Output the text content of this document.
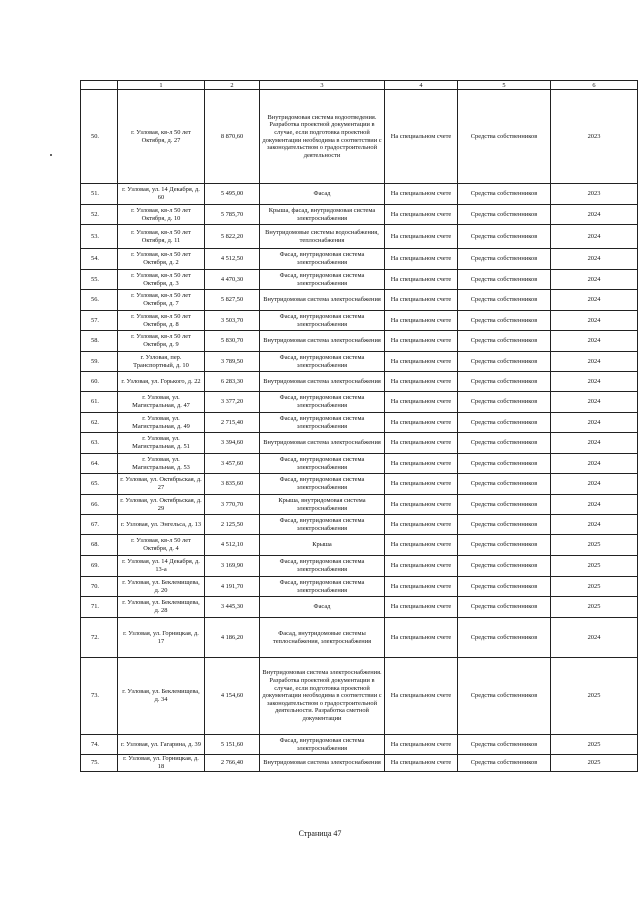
	1	2	3	4	5	6
50.	г. Узловая, кв-л 50 лет Октября, д. 27	8 870,60	Внутридомовая система водоотведения. Разработка проектной документации в случае, если подготовка проектной документации необходима в соответствии с законодательством о градостроительной деятельности	На специальном счете	Средства собственников	2023
51.	г. Узловая, ул. 14 Декабря, д. 60	5 495,00	Фасад	На специальном счете	Средства собственников	2023
52.	г. Узловая, кв-л 50 лет Октября, д. 10	5 785,70	Крыша, фасад, внутридомовая система электроснабжения	На специальном счете	Средства собственников	2024
53.	г. Узловая, кв-л 50 лет Октября, д. 11	5 822,20	Внутридомовые системы водоснабжения, теплоснабжения	На специальном счете	Средства собственников	2024
54.	г. Узловая, кв-л 50 лет Октября, д. 2	4 512,50	Фасад, внутридомовая система электроснабжения	На специальном счете	Средства собственников	2024
55.	г. Узловая, кв-л 50 лет Октября, д. 3	4 470,30	Фасад, внутридомовая система электроснабжения	На специальном счете	Средства собственников	2024
56.	г. Узловая, кв-л 50 лет Октября, д. 7	5 827,50	Внутридомовая система электроснабжения	На специальном счете	Средства собственников	2024
57.	г. Узловая, кв-л 50 лет Октября, д. 8	3 503,70	Фасад, внутридомовая система электроснабжения	На специальном счете	Средства собственников	2024
58.	г. Узловая, кв-л 50 лет Октября, д. 9	5 830,70	Внутридомовая система электроснабжения	На специальном счете	Средства собственников	2024
59.	г. Узловая, пер. Транспортный, д. 10	3 789,50	Фасад, внутридомовая система электроснабжения	На специальном счете	Средства собственников	2024
60.	г. Узловая, ул. Горького, д. 22	6 283,30	Внутридомовая система электроснабжения	На специальном счете	Средства собственников	2024
61.	г. Узловая, ул. Магистральная, д. 47	3 377,20	Фасад, внутридомовая система электроснабжения	На специальном счете	Средства собственников	2024
62.	г. Узловая, ул. Магистральная, д. 49	2 715,40	Фасад, внутридомовая система электроснабжения	На специальном счете	Средства собственников	2024
63.	г. Узловая, ул. Магистральная, д. 51	3 394,60	Внутридомовая система электроснабжения	На специальном счете	Средства собственников	2024
64.	г. Узловая, ул. Магистральная, д. 53	3 457,60	Фасад, внутридомовая система электроснабжения	На специальном счете	Средства собственников	2024
65.	г. Узловая, ул. Октябрьская, д. 27	3 835,60	Фасад, внутридомовая система электроснабжения	На специальном счете	Средства собственников	2024
66.	г. Узловая, ул. Октябрьская, д. 29	3 770,70	Крыша, внутридомовая система электроснабжения	На специальном счете	Средства собственников	2024
67.	г. Узловая, ул. Энгельса, д. 13	2 125,50	Фасад, внутридомовая система электроснабжения	На специальном счете	Средства собственников	2024
68.	г. Узловая, кв-л 50 лет Октября, д. 4	4 512,10	Крыша	На специальном счете	Средства собственников	2025
69.	г. Узловая, ул. 14 Декабря, д. 13-а	3 169,90	Фасад, внутридомовая система электроснабжения	На специальном счете	Средства собственников	2025
70.	г. Узловая, ул. Беклемищева, д. 20	4 191,70	Фасад, внутридомовая система электроснабжения	На специальном счете	Средства собственников	2025
71.	г. Узловая, ул. Беклемищева, д. 28	3 445,30	Фасад	На специальном счете	Средства собственников	2025
72.	г. Узловая, ул. Горницкая, д. 17	4 186,20	Фасад, внутридомовые системы теплоснабжения, электроснабжения	На специальном счете	Средства собственников	2024
73.	г. Узловая, ул. Беклемищева, д. 34	4 154,60	Внутридомовая система электроснабжения. Разработка проектной документации в случае, если подготовка проектной документации необходима в соответствии с законодательством о градостроительной деятельности. Разработка сметной документации	На специальном счете	Средства собственников	2025
74.	г. Узловая, ул. Гагарина, д. 39	5 151,60	Фасад, внутридомовая система электроснабжения	На специальном счете	Средства собственников	2025
75.	г. Узловая, ул. Горницкая, д. 18	2 766,40	Внутридомовая система электроснабжения	На специальном счете	Средства собственников	2025
Страница 47
